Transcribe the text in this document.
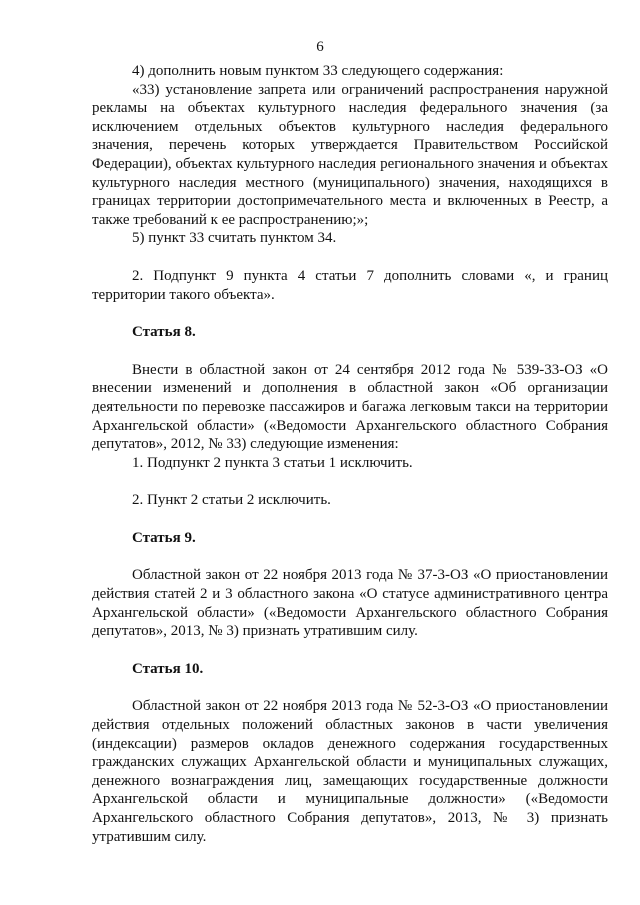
6

4) дополнить новым пунктом 33 следующего содержания:

«33) установление запрета или ограничений распространения наружной рекламы на объектах культурного наследия федерального значения (за исключением отдельных объектов культурного наследия федерального значения, перечень которых утверждается Правительством Российской Федерации), объектах культурного наследия регионального значения и объектах культурного наследия местного (муниципального) значения, находящихся в границах территории достопримечательного места и включенных в Реестр, а также требований к ее распространению;»;

5) пункт 33 считать пунктом 34.

2. Подпункт 9 пункта 4 статьи 7 дополнить словами «, и границ территории такого объекта».

Статья 8.

Внести в областной закон от 24 сентября 2012 года № 539-33-ОЗ «О внесении изменений и дополнения в областной закон «Об организации деятельности по перевозке пассажиров и багажа легковым такси на территории Архангельской области» («Ведомости Архангельского областного Собрания депутатов», 2012, № 33) следующие изменения:

1. Подпункт 2 пункта 3 статьи 1 исключить.

2. Пункт 2 статьи 2 исключить.

Статья 9.

Областной закон от 22 ноября 2013 года № 37-3-ОЗ «О приостановлении действия статей 2 и 3 областного закона «О статусе административного центра Архангельской области» («Ведомости Архангельского областного Собрания депутатов», 2013, № 3) признать утратившим силу.

Статья 10.

Областной закон от 22 ноября 2013 года № 52-3-ОЗ «О приостановлении действия отдельных положений областных законов в части увеличения (индексации) размеров окладов денежного содержания государственных гражданских служащих Архангельской области и муниципальных служащих, денежного вознаграждения лиц, замещающих государственные должности Архангельской области и муниципальные должности» («Ведомости Архангельского областного Собрания депутатов», 2013, № 3) признать утратившим силу.
